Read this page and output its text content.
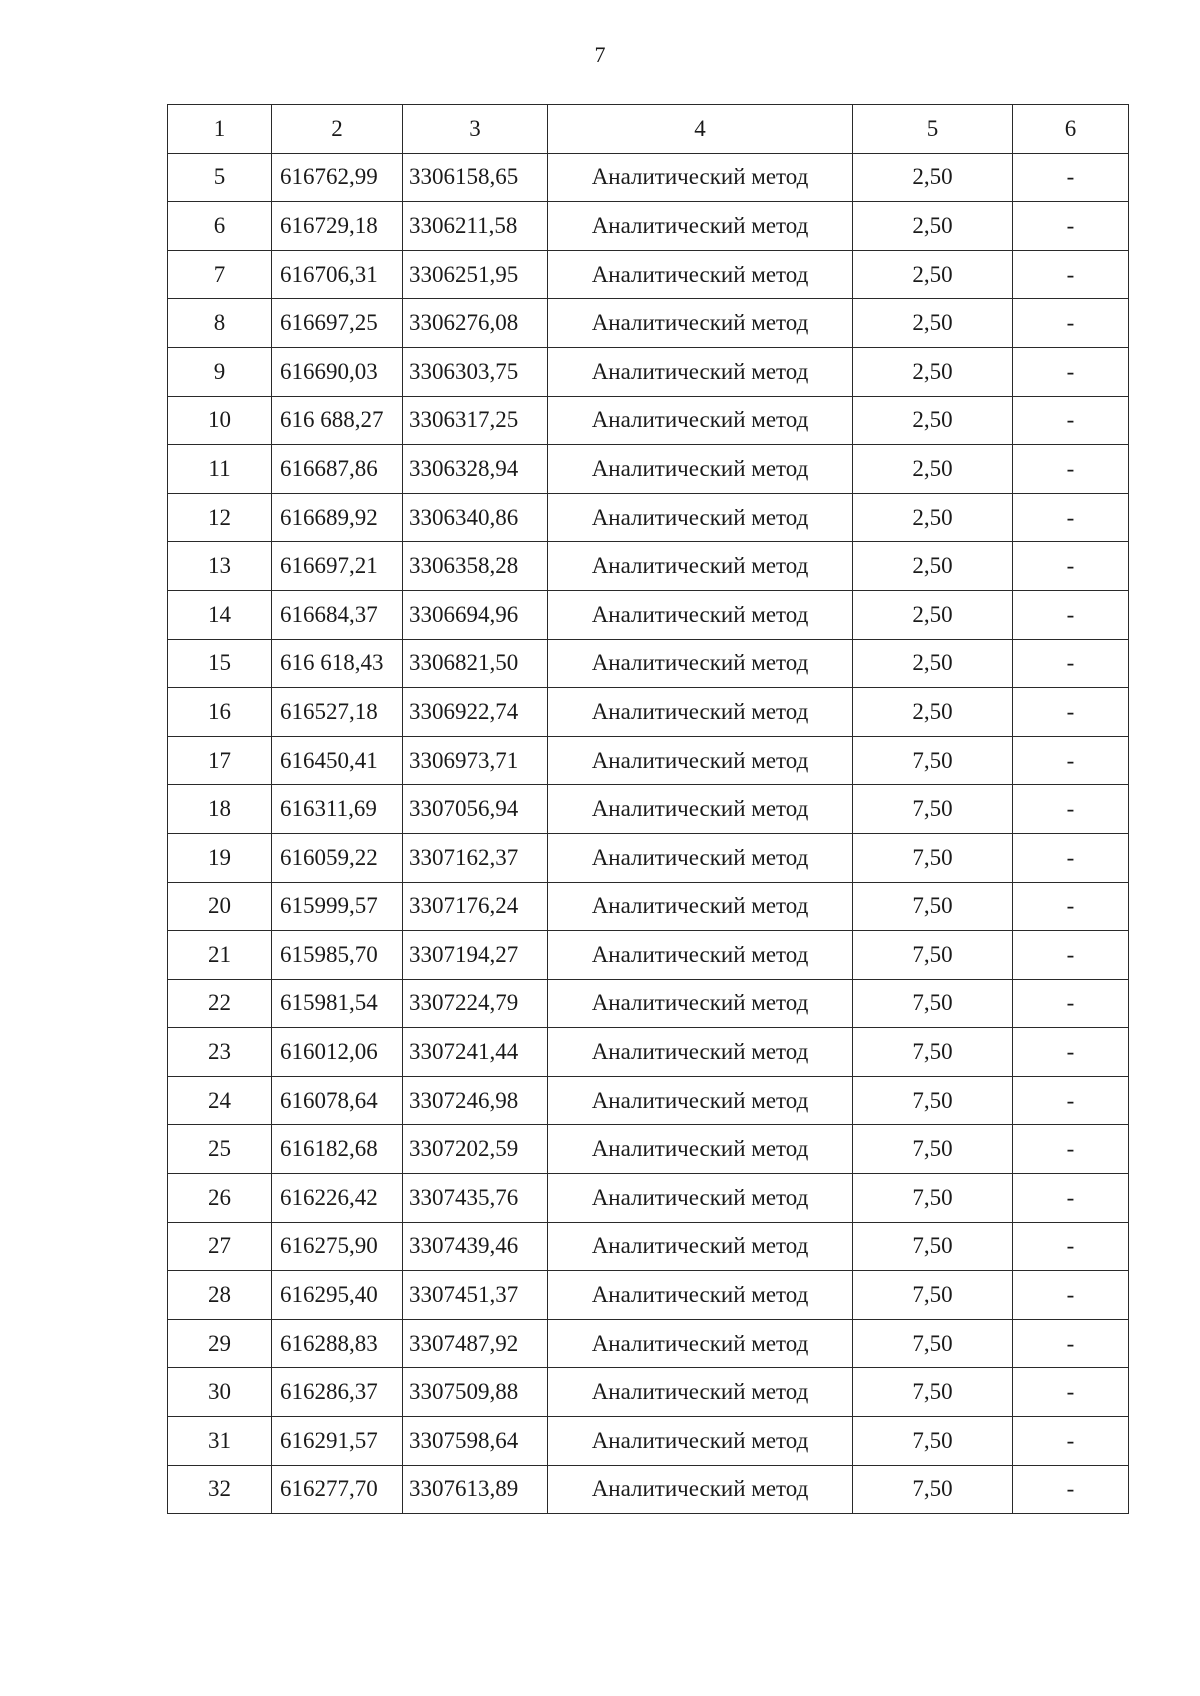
7
1	2	3	4	5	6
5	616762,99	3306158,65	Аналитический метод	2,50	-
6	616729,18	3306211,58	Аналитический метод	2,50	-
7	616706,31	3306251,95	Аналитический метод	2,50	-
8	616697,25	3306276,08	Аналитический метод	2,50	-
9	616690,03	3306303,75	Аналитический метод	2,50	-
10	616 688,27	3306317,25	Аналитический метод	2,50	-
11	616687,86	3306328,94	Аналитический метод	2,50	-
12	616689,92	3306340,86	Аналитический метод	2,50	-
13	616697,21	3306358,28	Аналитический метод	2,50	-
14	616684,37	3306694,96	Аналитический метод	2,50	-
15	616 618,43	3306821,50	Аналитический метод	2,50	-
16	616527,18	3306922,74	Аналитический метод	2,50	-
17	616450,41	3306973,71	Аналитический метод	7,50	-
18	616311,69	3307056,94	Аналитический метод	7,50	-
19	616059,22	3307162,37	Аналитический метод	7,50	-
20	615999,57	3307176,24	Аналитический метод	7,50	-
21	615985,70	3307194,27	Аналитический метод	7,50	-
22	615981,54	3307224,79	Аналитический метод	7,50	-
23	616012,06	3307241,44	Аналитический метод	7,50	-
24	616078,64	3307246,98	Аналитический метод	7,50	-
25	616182,68	3307202,59	Аналитический метод	7,50	-
26	616226,42	3307435,76	Аналитический метод	7,50	-
27	616275,90	3307439,46	Аналитический метод	7,50	-
28	616295,40	3307451,37	Аналитический метод	7,50	-
29	616288,83	3307487,92	Аналитический метод	7,50	-
30	616286,37	3307509,88	Аналитический метод	7,50	-
31	616291,57	3307598,64	Аналитический метод	7,50	-
32	616277,70	3307613,89	Аналитический метод	7,50	-
